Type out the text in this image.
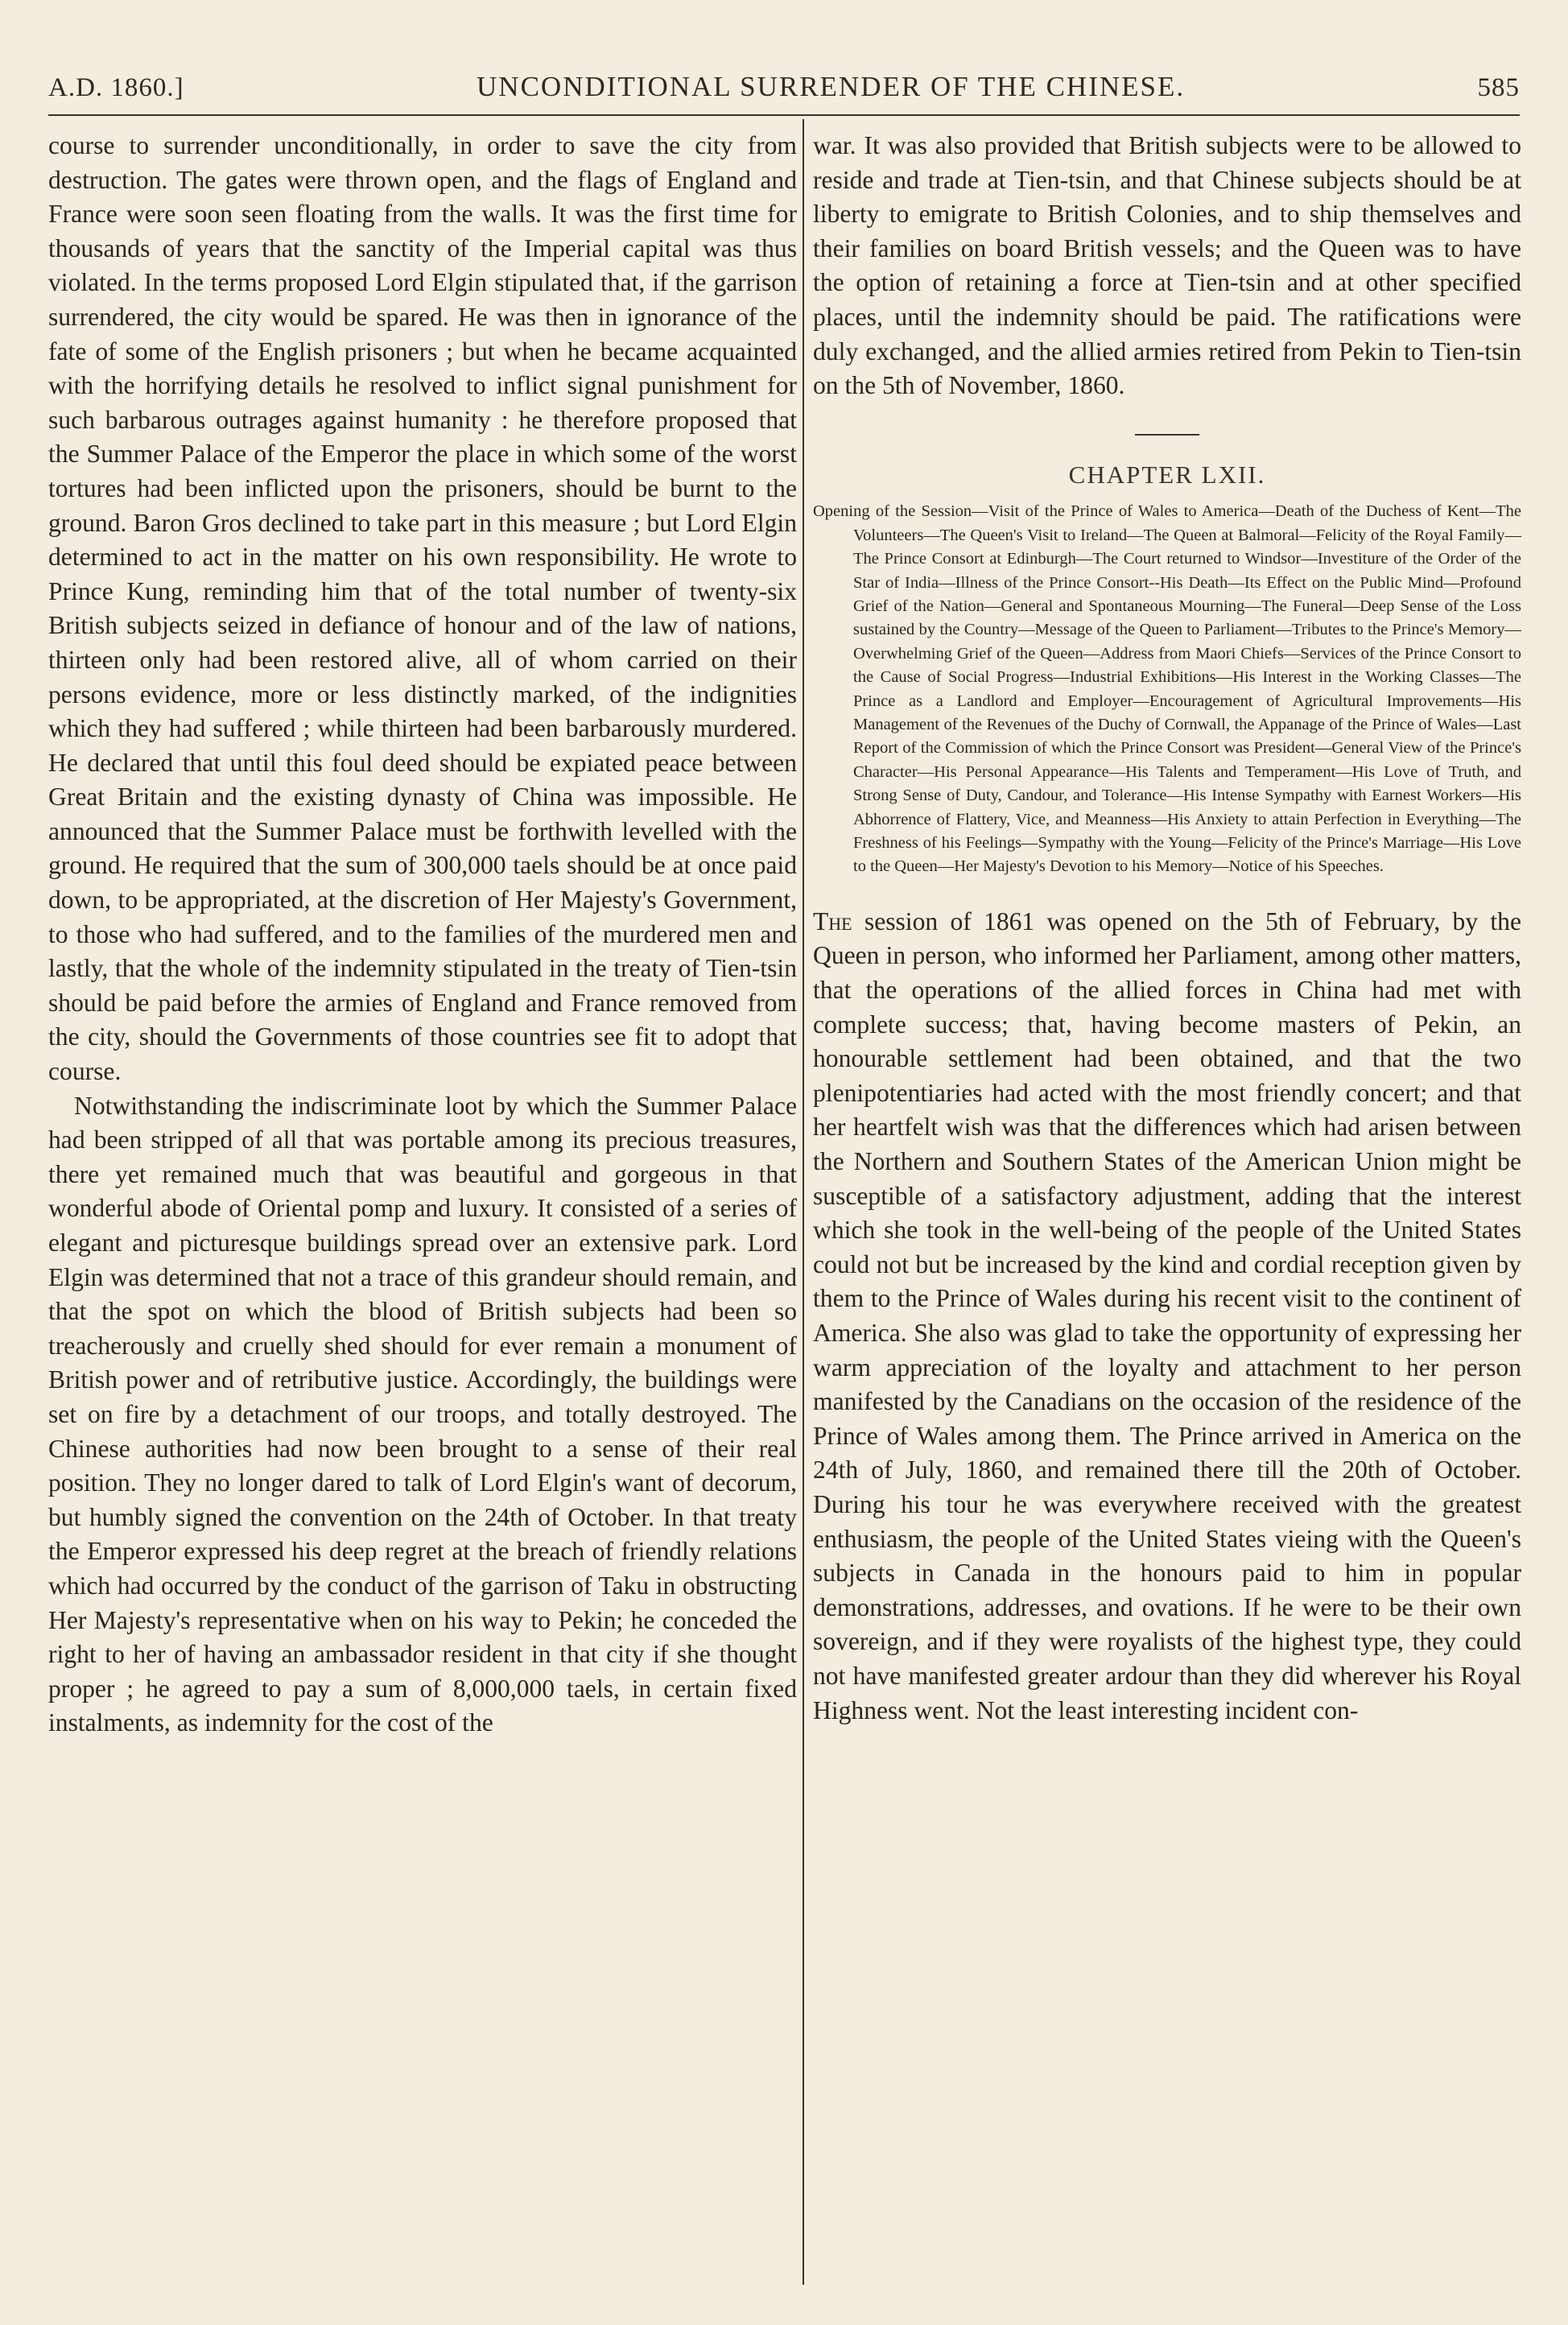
A.D. 1860.]	UNCONDITIONAL SURRENDER OF THE CHINESE.	585

course to surrender unconditionally, in order to save the city from destruction. The gates were thrown open, and the flags of England and France were soon seen floating from the walls. It was the first time for thousands of years that the sanctity of the Imperial capital was thus violated. In the terms proposed Lord Elgin stipulated that, if the garrison surrendered, the city would be spared. He was then in ignorance of the fate of some of the English prisoners ; but when he became acquainted with the horrifying details he resolved to inflict signal punishment for such barbarous outrages against humanity : he therefore proposed that the Summer Palace of the Emperor the place in which some of the worst tortures had been inflicted upon the prisoners, should be burnt to the ground. Baron Gros declined to take part in this measure ; but Lord Elgin determined to act in the matter on his own responsibility. He wrote to Prince Kung, reminding him that of the total number of twenty-six British subjects seized in defiance of honour and of the law of nations, thirteen only had been restored alive, all of whom carried on their persons evidence, more or less distinctly marked, of the indignities which they had suffered ; while thirteen had been barbarously murdered. He declared that until this foul deed should be expiated peace between Great Britain and the existing dynasty of China was impossible. He announced that the Summer Palace must be forthwith levelled with the ground. He required that the sum of 300,000 taels should be at once paid down, to be appropriated, at the discretion of Her Majesty's Government, to those who had suffered, and to the families of the murdered men and lastly, that the whole of the indemnity stipulated in the treaty of Tien-tsin should be paid before the armies of England and France removed from the city, should the Governments of those countries see fit to adopt that course.

Notwithstanding the indiscriminate loot by which the Summer Palace had been stripped of all that was portable among its precious treasures, there yet remained much that was beautiful and gorgeous in that wonderful abode of Oriental pomp and luxury. It consisted of a series of elegant and picturesque buildings spread over an extensive park. Lord Elgin was determined that not a trace of this grandeur should remain, and that the spot on which the blood of British subjects had been so treacherously and cruelly shed should for ever remain a monument of British power and of retributive justice. Accordingly, the buildings were set on fire by a detachment of our troops, and totally destroyed. The Chinese authorities had now been brought to a sense of their real position. They no longer dared to talk of Lord Elgin's want of decorum, but humbly signed the convention on the 24th of October. In that treaty the Emperor expressed his deep regret at the breach of friendly relations which had occurred by the conduct of the garrison of Taku in obstructing Her Majesty's representative when on his way to Pekin; he conceded the right to her of having an ambassador resident in that city if she thought proper ; he agreed to pay a sum of 8,000,000 taels, in certain fixed instalments, as indemnity for the cost of the

war. It was also provided that British subjects were to be allowed to reside and trade at Tien-tsin, and that Chinese subjects should be at liberty to emigrate to British Colonies, and to ship themselves and their families on board British vessels; and the Queen was to have the option of retaining a force at Tien-tsin and at other specified places, until the indemnity should be paid. The ratifications were duly exchanged, and the allied armies retired from Pekin to Tien-tsin on the 5th of November, 1860.

CHAPTER LXII.
Opening of the Session—Visit of the Prince of Wales to America—Death of the Duchess of Kent—The Volunteers—The Queen's Visit to Ireland—The Queen at Balmoral—Felicity of the Royal Family—The Prince Consort at Edinburgh—The Court returned to Windsor—Investiture of the Order of the Star of India—Illness of the Prince Consort--His Death—Its Effect on the Public Mind—Profound Grief of the Nation—General and Spontaneous Mourning—The Funeral—Deep Sense of the Loss sustained by the Country—Message of the Queen to Parliament—Tributes to the Prince's Memory—Overwhelming Grief of the Queen—Address from Maori Chiefs—Services of the Prince Consort to the Cause of Social Progress—Industrial Exhibitions—His Interest in the Working Classes—The Prince as a Landlord and Employer—Encouragement of Agricultural Improvements—His Management of the Revenues of the Duchy of Cornwall, the Appanage of the Prince of Wales—Last Report of the Commission of which the Prince Consort was President—General View of the Prince's Character—His Personal Appearance—His Talents and Temperament—His Love of Truth, and Strong Sense of Duty, Candour, and Tolerance—His Intense Sympathy with Earnest Workers—His Abhorrence of Flattery, Vice, and Meanness—His Anxiety to attain Perfection in Everything—The Freshness of his Feelings—Sympathy with the Young—Felicity of the Prince's Marriage—His Love to the Queen—Her Majesty's Devotion to his Memory—Notice of his Speeches.

The session of 1861 was opened on the 5th of February, by the Queen in person, who informed her Parliament, among other matters, that the operations of the allied forces in China had met with complete success; that, having become masters of Pekin, an honourable settlement had been obtained, and that the two plenipotentiaries had acted with the most friendly concert; and that her heartfelt wish was that the differences which had arisen between the Northern and Southern States of the American Union might be susceptible of a satisfactory adjustment, adding that the interest which she took in the well-being of the people of the United States could not but be increased by the kind and cordial reception given by them to the Prince of Wales during his recent visit to the continent of America. She also was glad to take the opportunity of expressing her warm appreciation of the loyalty and attachment to her person manifested by the Canadians on the occasion of the residence of the Prince of Wales among them. The Prince arrived in America on the 24th of July, 1860, and remained there till the 20th of October. During his tour he was everywhere received with the greatest enthusiasm, the people of the United States vieing with the Queen's subjects in Canada in the honours paid to him in popular demonstrations, addresses, and ovations. If he were to be their own sovereign, and if they were royalists of the highest type, they could not have manifested greater ardour than they did wherever his Royal Highness went. Not the least interesting incident con-
